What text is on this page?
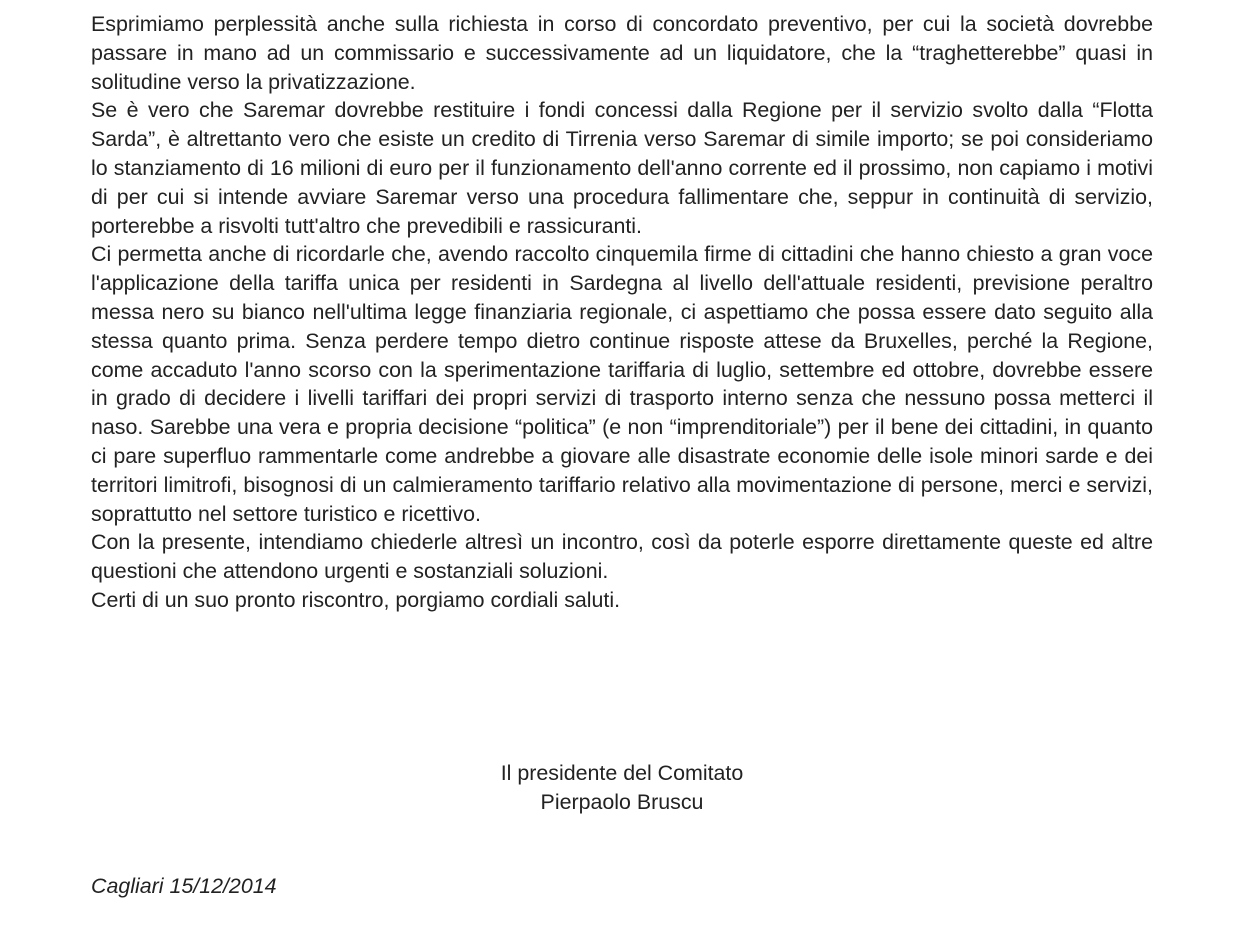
Esprimiamo perplessità anche sulla richiesta in corso di concordato preventivo, per cui la società dovrebbe passare in mano ad un commissario e successivamente ad un liquidatore, che la “traghetterebbe” quasi in solitudine verso la privatizzazione.

Se è vero che Saremar dovrebbe restituire i fondi concessi dalla Regione per il servizio svolto dalla “Flotta Sarda”, è altrettanto vero che esiste un credito di Tirrenia verso Saremar di simile importo; se poi consideriamo lo stanziamento di 16 milioni di euro per il funzionamento dell'anno corrente ed il prossimo, non capiamo i motivi di per cui si intende avviare Saremar verso una procedura fallimentare che, seppur in continuità di servizio, porterebbe a risvolti tutt'altro che prevedibili e rassicuranti.

Ci permetta anche di ricordarle che, avendo raccolto cinquemila firme di cittadini che hanno chiesto a gran voce l'applicazione della tariffa unica per residenti in Sardegna al livello dell'attuale residenti, previsione peraltro messa nero su bianco nell'ultima legge finanziaria regionale, ci aspettiamo che possa essere dato seguito alla stessa quanto prima. Senza perdere tempo dietro continue risposte attese da Bruxelles, perché la Regione, come accaduto l'anno scorso con la sperimentazione tariffaria di luglio, settembre ed ottobre, dovrebbe essere in grado di decidere i livelli tariffari dei propri servizi di trasporto interno senza che nessuno possa metterci il naso. Sarebbe una vera e propria decisione “politica” (e non “imprenditoriale”) per il bene dei cittadini, in quanto ci pare superfluo rammentarle come andrebbe a giovare alle disastrate economie delle isole minori sarde e dei territori limitrofi, bisognosi di un calmieramento tariffario relativo alla movimentazione di persone, merci e servizi, soprattutto nel settore turistico e ricettivo.

Con la presente, intendiamo chiederle altresì un incontro, così da poterle esporre direttamente queste ed altre questioni che attendono urgenti e sostanziali soluzioni.

Certi di un suo pronto riscontro, porgiamo cordiali saluti.

Il presidente del Comitato
Pierpaolo Bruscu
Cagliari 15/12/2014
